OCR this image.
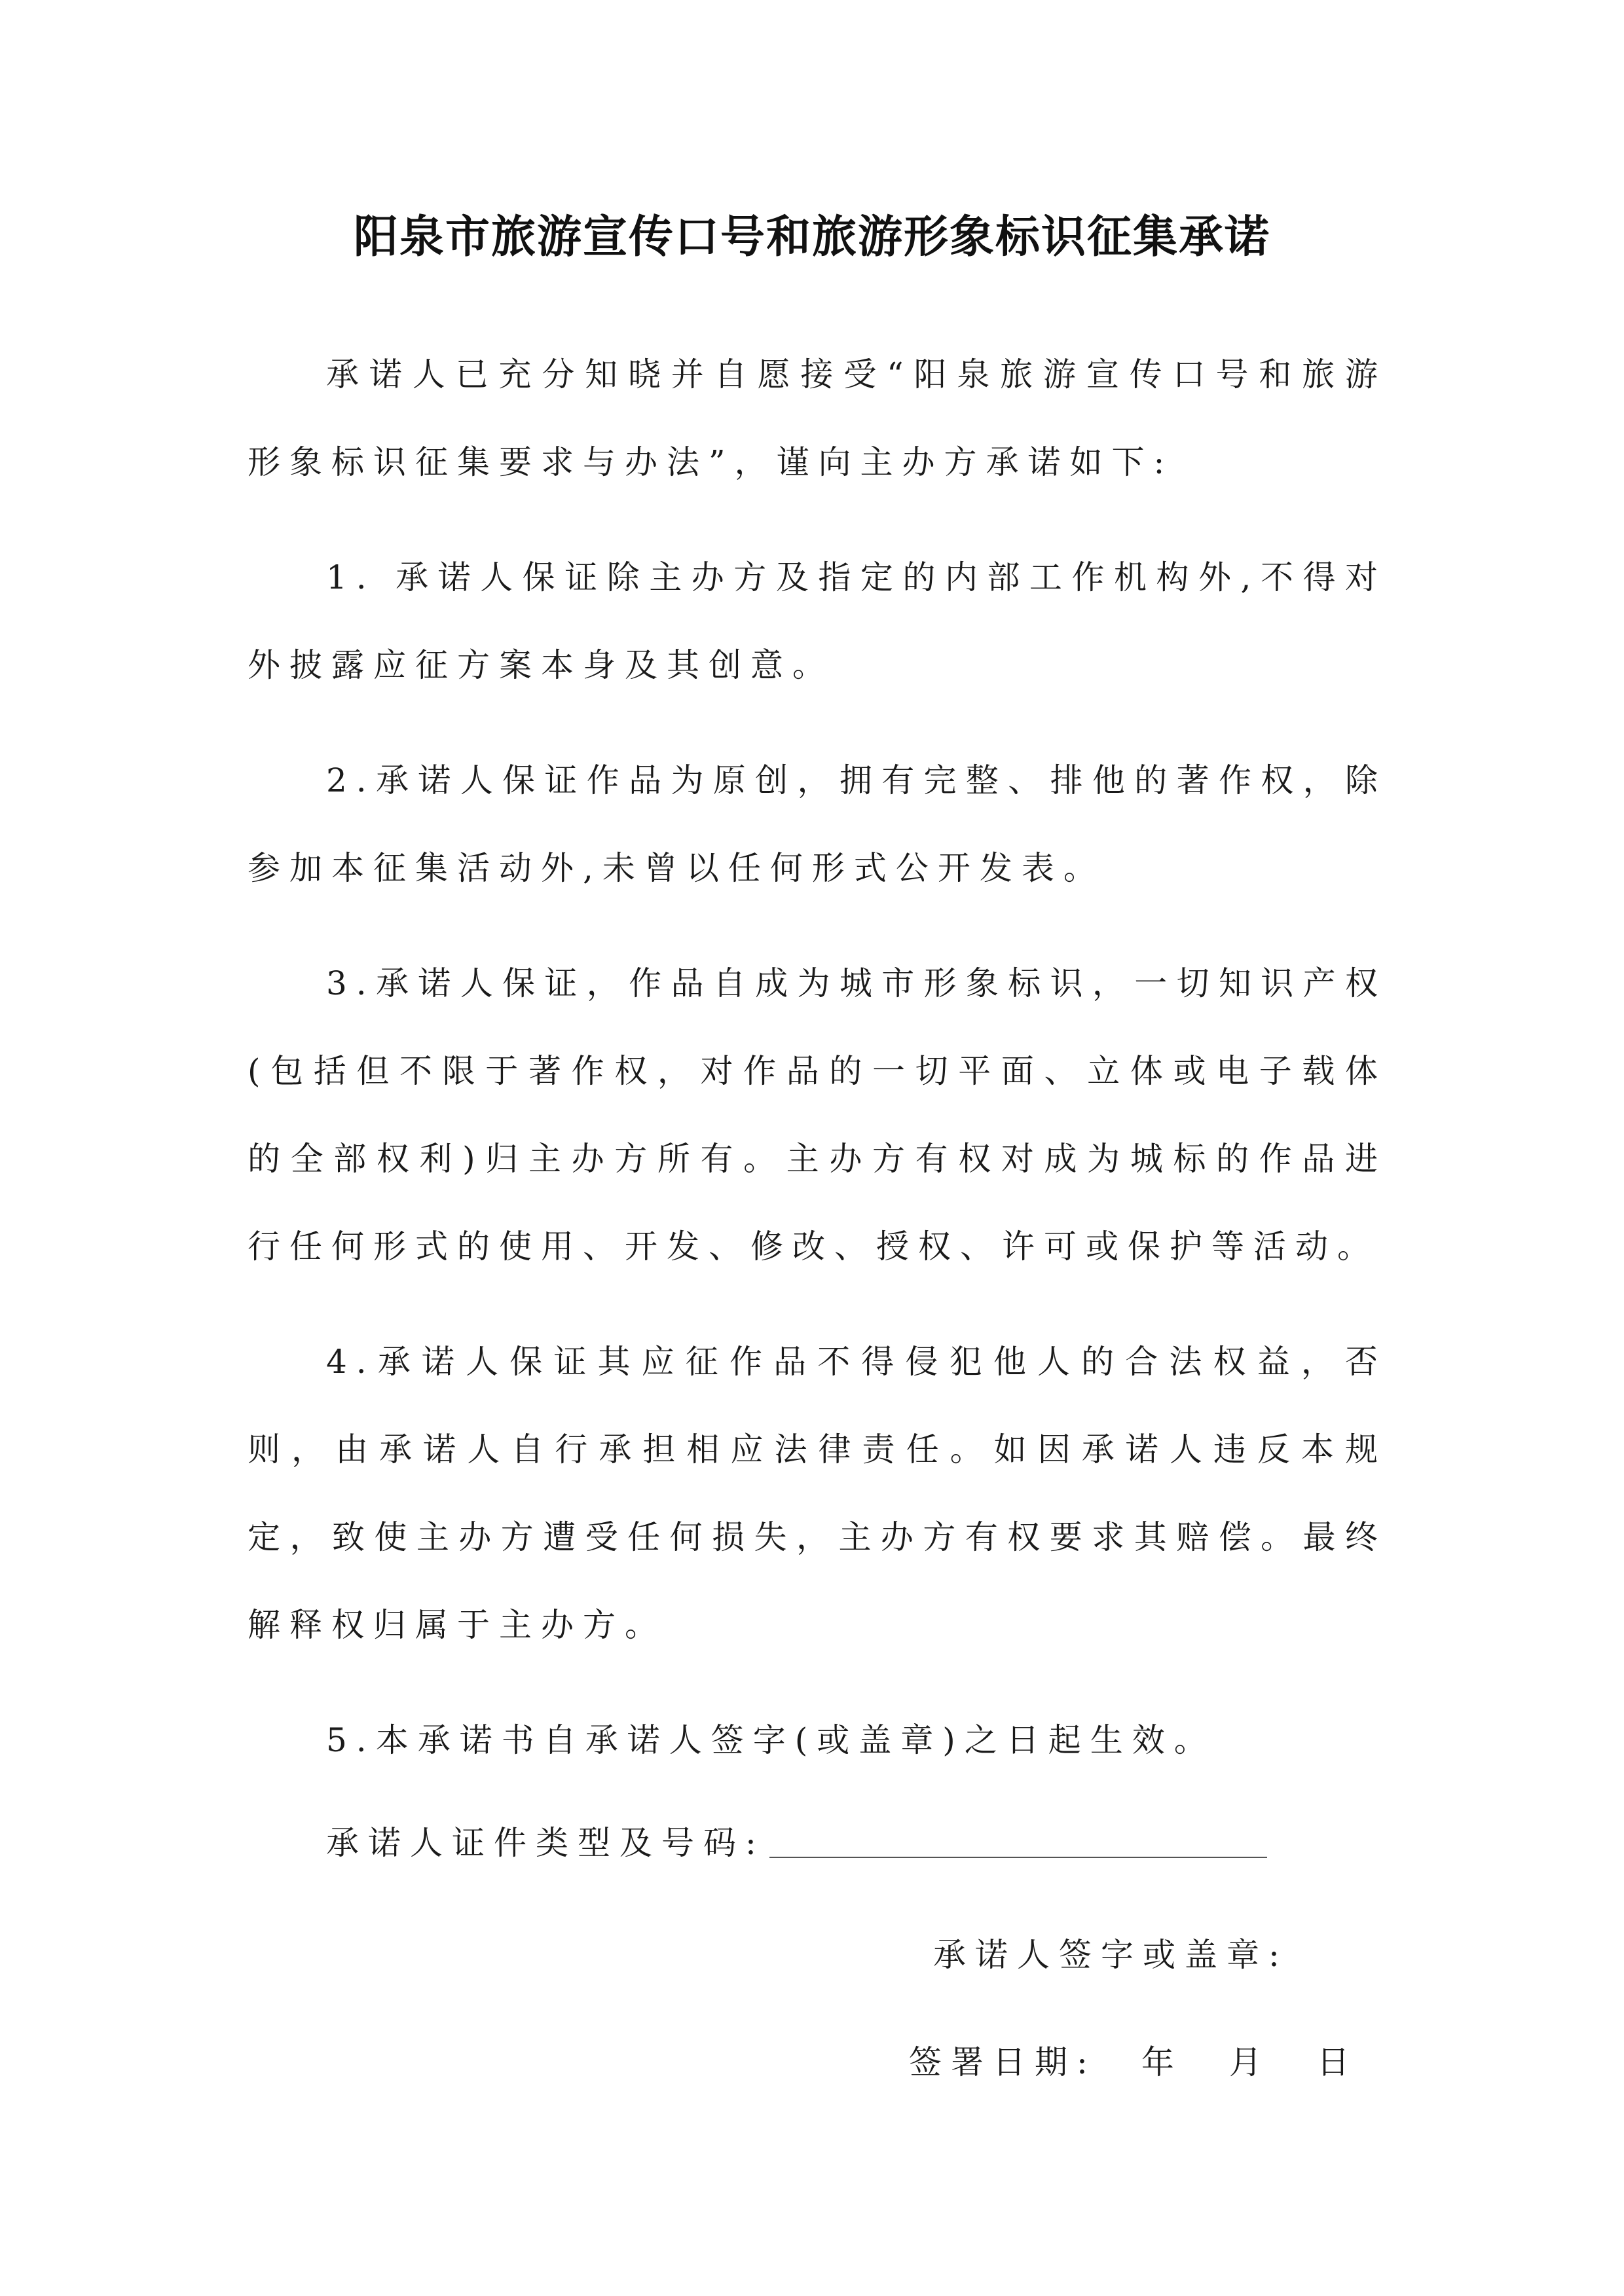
阳泉市旅游宣传口号和旅游形象标识征集承诺

承诺人已充分知晓并自愿接受“阳泉旅游宣传口号和旅游形象标识征集要求与办法”，谨向主办方承诺如下:

1. 承诺人保证除主办方及指定的内部工作机构外,不得对外披露应征方案本身及其创意。

2.承诺人保证作品为原创，拥有完整、排他的著作权，除参加本征集活动外,未曾以任何形式公开发表。

3.承诺人保证，作品自成为城市形象标识，一切知识产权(包括但不限于著作权，对作品的一切平面、立体或电子载体的全部权利)归主办方所有。主办方有权对成为城标的作品进行任何形式的使用、开发、修改、授权、许可或保护等活动。

4.承诺人保证其应征作品不得侵犯他人的合法权益，否则，由承诺人自行承担相应法律责任。如因承诺人违反本规定，致使主办方遭受任何损失，主办方有权要求其赔偿。最终解释权归属于主办方。

5.本承诺书自承诺人签字(或盖章)之日起生效。

承诺人证件类型及号码:
承诺人签字或盖章:
签署日期: 年 月 日
